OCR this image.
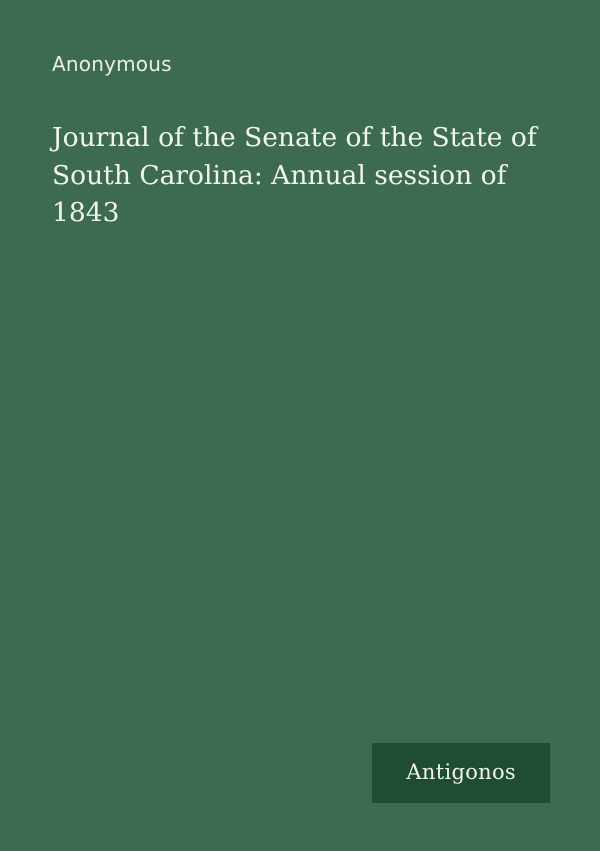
Anonymous
Journal of the Senate of the State of South Carolina: Annual session of 1843
Antigonos
